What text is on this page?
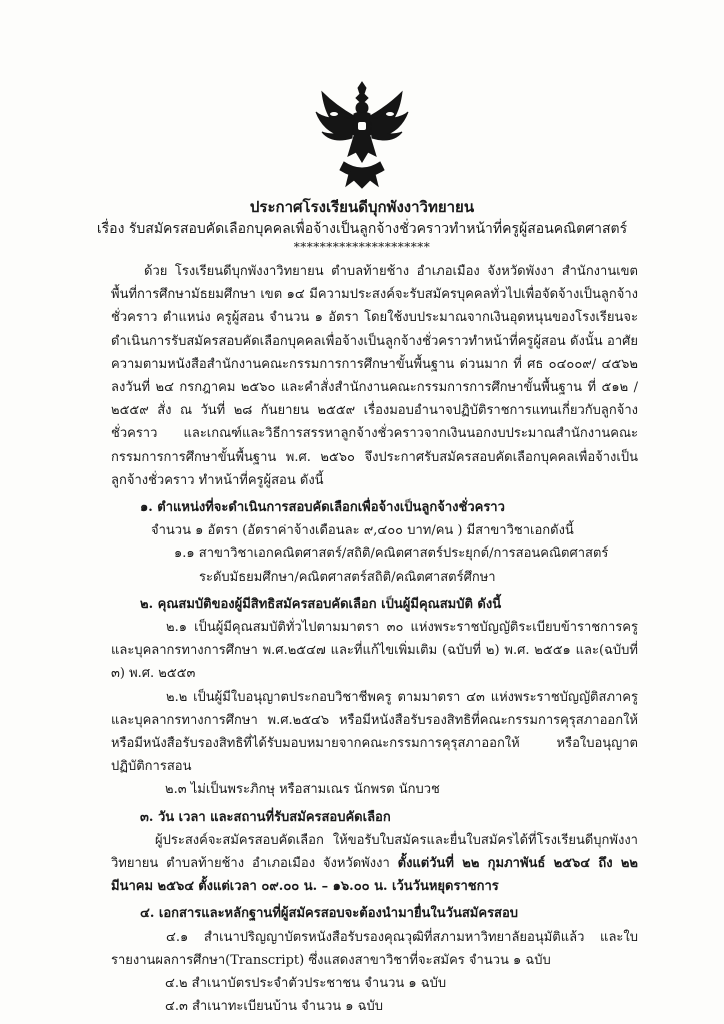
ประกาศโรงเรียนดีบุกพังงาวิทยายน
เรื่อง รับสมัครสอบคัดเลือกบุคคลเพื่อจ้างเป็นลูกจ้างชั่วคราวทำหน้าที่ครูผู้สอนคณิตศาสตร์
*********************

ด้วย โรงเรียนดีบุกพังงาวิทยายน ตำบลท้ายช้าง อำเภอเมือง จังหวัดพังงา สำนักงานเขตพื้นที่การศึกษามัธยมศึกษา เขต ๑๔ มีความประสงค์จะรับสมัครบุคคลทั่วไปเพื่อจัดจ้างเป็นลูกจ้างชั่วคราว ตำแหน่ง ครูผู้สอน จำนวน ๑ อัตรา โดยใช้งบประมาณจากเงินอุดหนุนของโรงเรียนจะดำเนินการรับสมัครสอบคัดเลือกบุคคลเพื่อจ้างเป็นลูกจ้างชั่วคราวทำหน้าที่ครูผู้สอน ดังนั้น อาศัยความตามหนังสือสำนักงานคณะกรรมการการศึกษาขั้นพื้นฐาน ด่วนมาก ที่ ศธ ๐๔๐๐๙/ ๔๕๖๒ ลงวันที่ ๒๔ กรกฎาคม ๒๕๖๐ และคำสั่งสำนักงานคณะกรรมการการศึกษาขั้นพื้นฐาน ที่ ๕๑๒ / ๒๕๕๙ สั่ง ณ วันที่ ๒๘ กันยายน ๒๕๕๙ เรื่องมอบอำนาจปฏิบัติราชการแทนเกี่ยวกับลูกจ้างชั่วคราว และเกณฑ์และวิธีการสรรหาลูกจ้างชั่วคราวจากเงินนอกงบประมาณสำนักงานคณะกรรมการการศึกษาขั้นพื้นฐาน พ.ศ. ๒๕๖๐ จึงประกาศรับสมัครสอบคัดเลือกบุคคลเพื่อจ้างเป็นลูกจ้างชั่วคราว ทำหน้าที่ครูผู้สอน ดังนี้

๑. ตำแหน่งที่จะดำเนินการสอบคัดเลือกเพื่อจ้างเป็นลูกจ้างชั่วคราว

จำนวน ๑ อัตรา (อัตราค่าจ้างเดือนละ ๙,๔๐๐ บาท/คน ) มีสาขาวิชาเอกดังนี้

๑.๑ สาขาวิชาเอกคณิตศาสตร์/สถิติ/คณิตศาสตร์ประยุกต์/การสอนคณิตศาสตร์ระดับมัธยมศึกษา/คณิตศาสตร์สถิติ/คณิตศาสตร์ศึกษา

๒. คุณสมบัติของผู้มีสิทธิสมัครสอบคัดเลือก เป็นผู้มีคุณสมบัติ ดังนี้

๒.๑ เป็นผู้มีคุณสมบัติทั่วไปตามมาตรา ๓๐ แห่งพระราชบัญญัติระเบียบข้าราชการครูและบุคลากรทางการศึกษา พ.ศ.๒๕๔๗ และที่แก้ไขเพิ่มเติม (ฉบับที่ ๒) พ.ศ. ๒๕๕๑ และ(ฉบับที่ ๓) พ.ศ. ๒๕๕๓

๒.๒ เป็นผู้มีใบอนุญาตประกอบวิชาชีพครู ตามมาตรา ๔๓ แห่งพระราชบัญญัติสภาครูและบุคลากรทางการศึกษา พ.ศ.๒๕๔๖ หรือมีหนังสือรับรองสิทธิที่คณะกรรมการคุรุสภาออกให้หรือมีหนังสือรับรองสิทธิที่ได้รับมอบหมายจากคณะกรรมการคุรุสภาออกให้ หรือใบอนุญาตปฏิบัติการสอน

๒.๓ ไม่เป็นพระภิกษุ หรือสามเณร นักพรต นักบวช

๓. วัน เวลา และสถานที่รับสมัครสอบคัดเลือก

ผู้ประสงค์จะสมัครสอบคัดเลือก ให้ขอรับใบสมัครและยื่นใบสมัครได้ที่โรงเรียนดีบุกพังงาวิทยายน ตำบลท้ายช้าง อำเภอเมือง จังหวัดพังงา ตั้งแต่วันที่ ๒๒ กุมภาพันธ์ ๒๕๖๔ ถึง ๒๒ มีนาคม ๒๕๖๔ ตั้งแต่เวลา ๐๙.๐๐ น. – ๑๖.๐๐ น. เว้นวันหยุดราชการ

๔. เอกสารและหลักฐานที่ผู้สมัครสอบจะต้องนำมายื่นในวันสมัครสอบ

๔.๑ สำเนาปริญญาบัตรหนังสือรับรองคุณวุฒิที่สภามหาวิทยาลัยอนุมัติแล้ว และใบรายงานผลการศึกษา(Transcript) ซึ่งแสดงสาขาวิชาที่จะสมัคร จำนวน ๑ ฉบับ

๔.๒ สำเนาบัตรประจำตัวประชาชน จำนวน ๑ ฉบับ

๔.๓ สำเนาทะเบียนบ้าน จำนวน ๑ ฉบับ
